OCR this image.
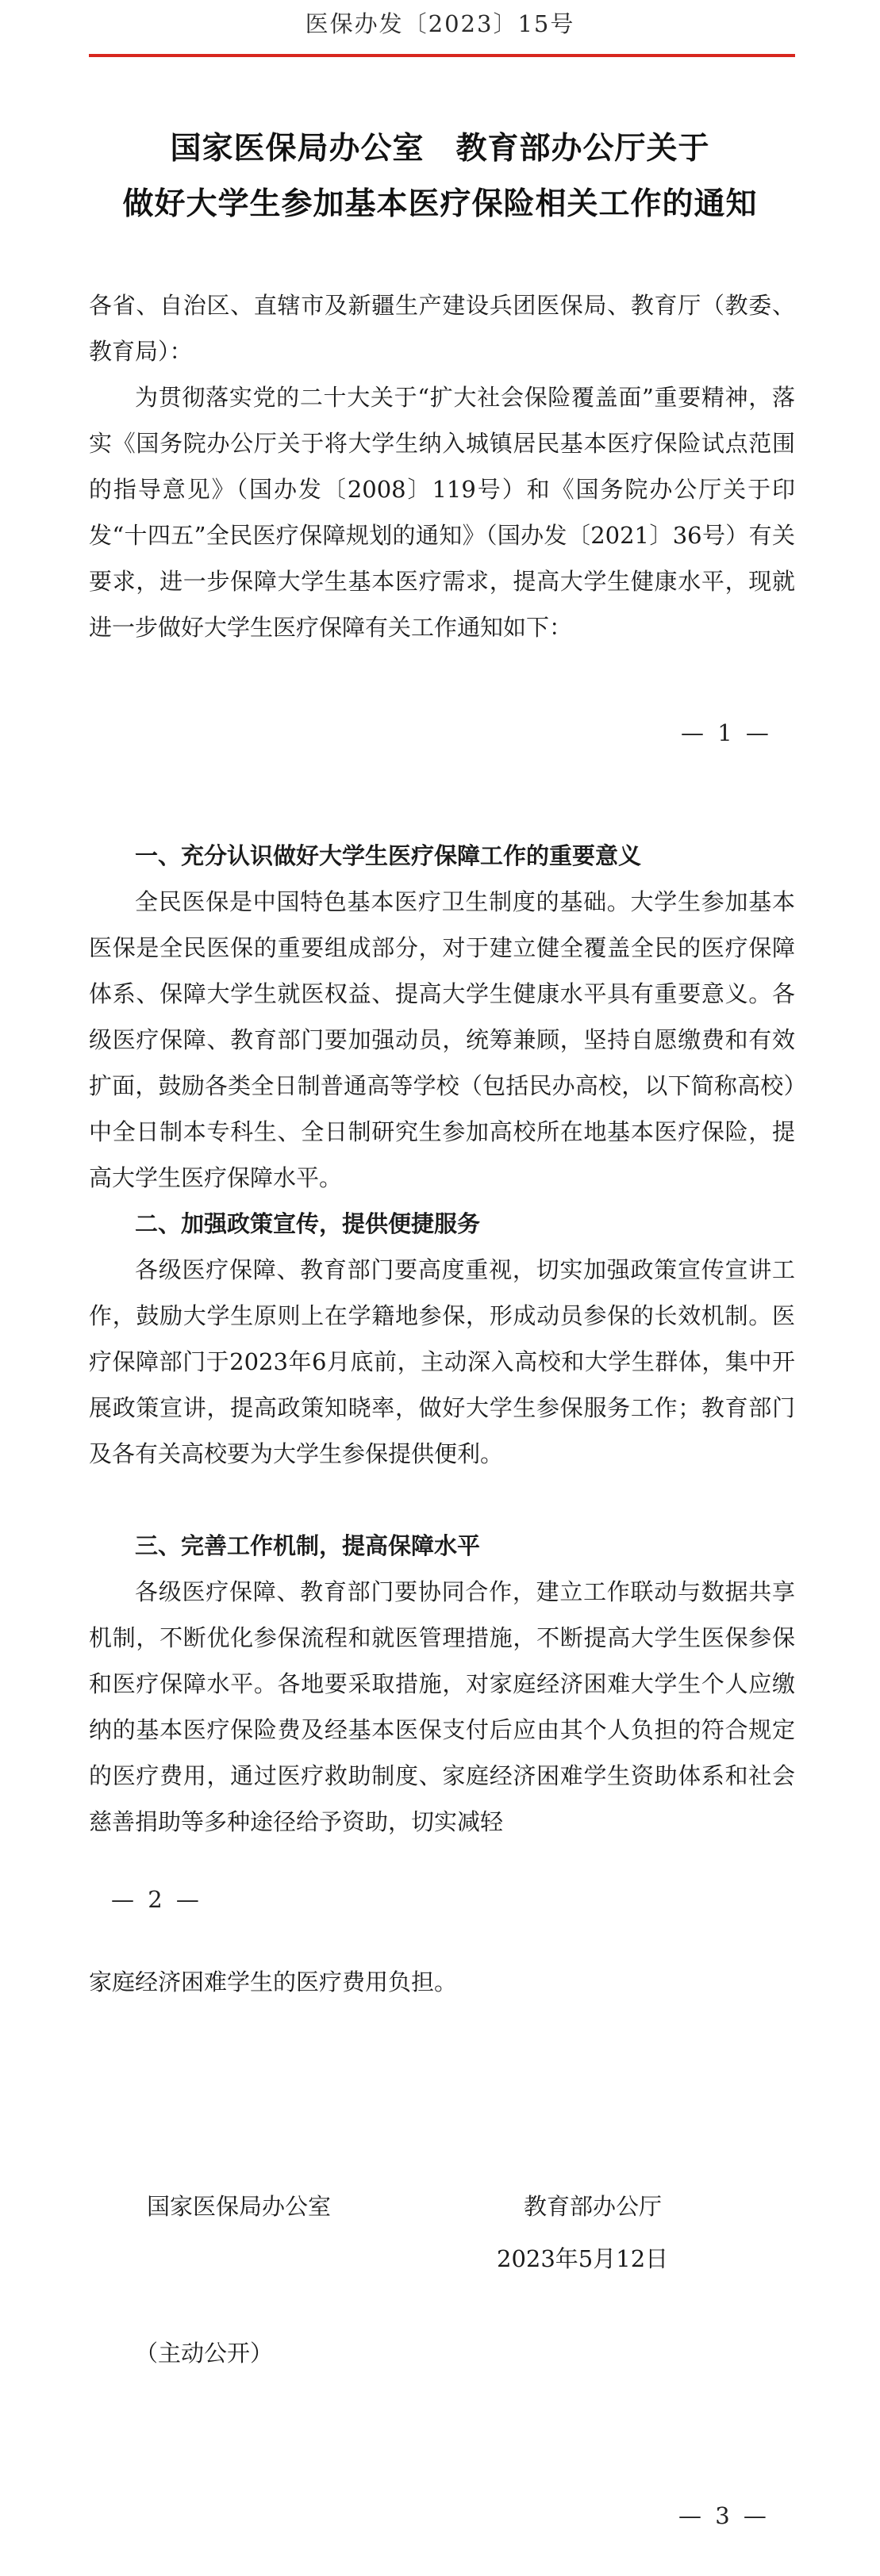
医保办发〔2023〕15号
国家医保局办公室　教育部办公厅关于
做好大学生参加基本医疗保险相关工作的通知

各省、自治区、直辖市及新疆生产建设兵团医保局、教育厅（教委、教育局）：

为贯彻落实党的二十大关于“扩大社会保险覆盖面”重要精神，落实《国务院办公厅关于将大学生纳入城镇居民基本医疗保险试点范围的指导意见》（国办发〔2008〕119号）和《国务院办公厅关于印发“十四五”全民医疗保障规划的通知》（国办发〔2021〕36号）有关要求，进一步保障大学生基本医疗需求，提高大学生健康水平，现就进一步做好大学生医疗保障有关工作通知如下：

— 1 —
一、充分认识做好大学生医疗保障工作的重要意义

全民医保是中国特色基本医疗卫生制度的基础。大学生参加基本医保是全民医保的重要组成部分，对于建立健全覆盖全民的医疗保障体系、保障大学生就医权益、提高大学生健康水平具有重要意义。各级医疗保障、教育部门要加强动员，统筹兼顾，坚持自愿缴费和有效扩面，鼓励各类全日制普通高等学校（包括民办高校，以下简称高校）中全日制本专科生、全日制研究生参加高校所在地基本医疗保险，提高大学生医疗保障水平。

二、加强政策宣传，提供便捷服务

各级医疗保障、教育部门要高度重视，切实加强政策宣传宣讲工作，鼓励大学生原则上在学籍地参保，形成动员参保的长效机制。医疗保障部门于2023年6月底前，主动深入高校和大学生群体，集中开展政策宣讲，提高政策知晓率，做好大学生参保服务工作；教育部门及各有关高校要为大学生参保提供便利。

三、完善工作机制，提高保障水平

各级医疗保障、教育部门要协同合作，建立工作联动与数据共享机制，不断优化参保流程和就医管理措施，不断提高大学生医保参保和医疗保障水平。各地要采取措施，对家庭经济困难大学生个人应缴纳的基本医疗保险费及经基本医保支付后应由其个人负担的符合规定的医疗费用，通过医疗救助制度、家庭经济困难学生资助体系和社会慈善捐助等多种途径给予资助，切实减轻

— 2 —

家庭经济困难学生的医疗费用负担。

国家医保局办公室	教育部办公厅
2023年5月12日
（主动公开）
— 3 —
